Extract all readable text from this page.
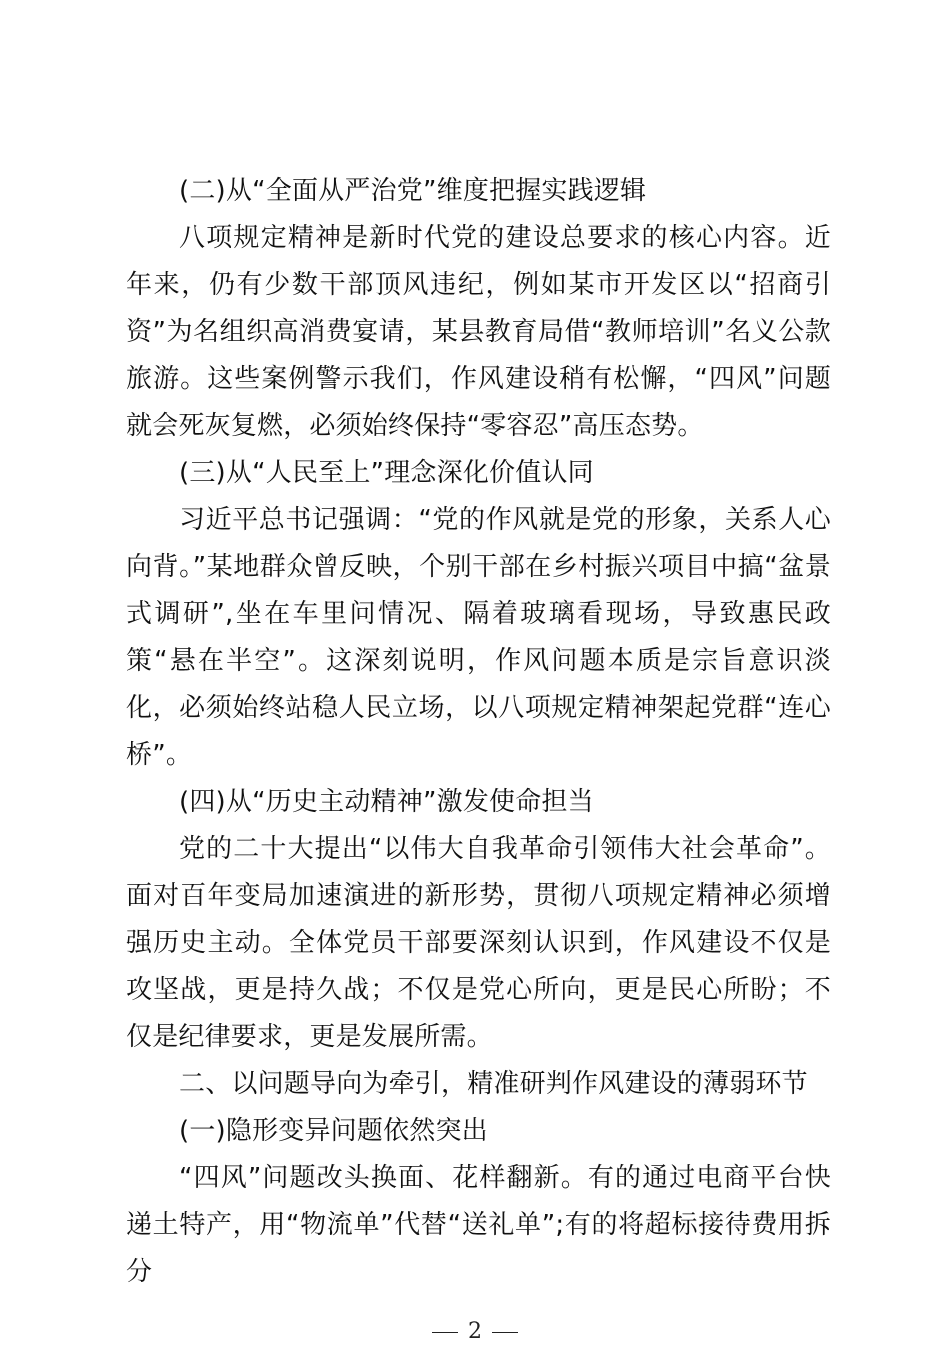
(二)从“全面从严治党”维度把握实践逻辑

八项规定精神是新时代党的建设总要求的核心内容。近年来，仍有少数干部顶风违纪，例如某市开发区以“招商引资”为名组织高消费宴请，某县教育局借“教师培训”名义公款旅游。这些案例警示我们，作风建设稍有松懈，“四风”问题就会死灰复燃，必须始终保持“零容忍”高压态势。

(三)从“人民至上”理念深化价值认同

习近平总书记强调：“党的作风就是党的形象，关系人心向背。”某地群众曾反映，个别干部在乡村振兴项目中搞“盆景式调研”,坐在车里问情况、隔着玻璃看现场，导致惠民政策“悬在半空”。这深刻说明，作风问题本质是宗旨意识淡化，必须始终站稳人民立场，以八项规定精神架起党群“连心桥”。

(四)从“历史主动精神”激发使命担当

党的二十大提出“以伟大自我革命引领伟大社会革命”。面对百年变局加速演进的新形势，贯彻八项规定精神必须增强历史主动。全体党员干部要深刻认识到，作风建设不仅是攻坚战，更是持久战；不仅是党心所向，更是民心所盼；不仅是纪律要求，更是发展所需。

二、以问题导向为牵引，精准研判作风建设的薄弱环节

(一)隐形变异问题依然突出

“四风”问题改头换面、花样翻新。有的通过电商平台快递土特产，用“物流单”代替“送礼单”;有的将超标接待费用拆分

2
